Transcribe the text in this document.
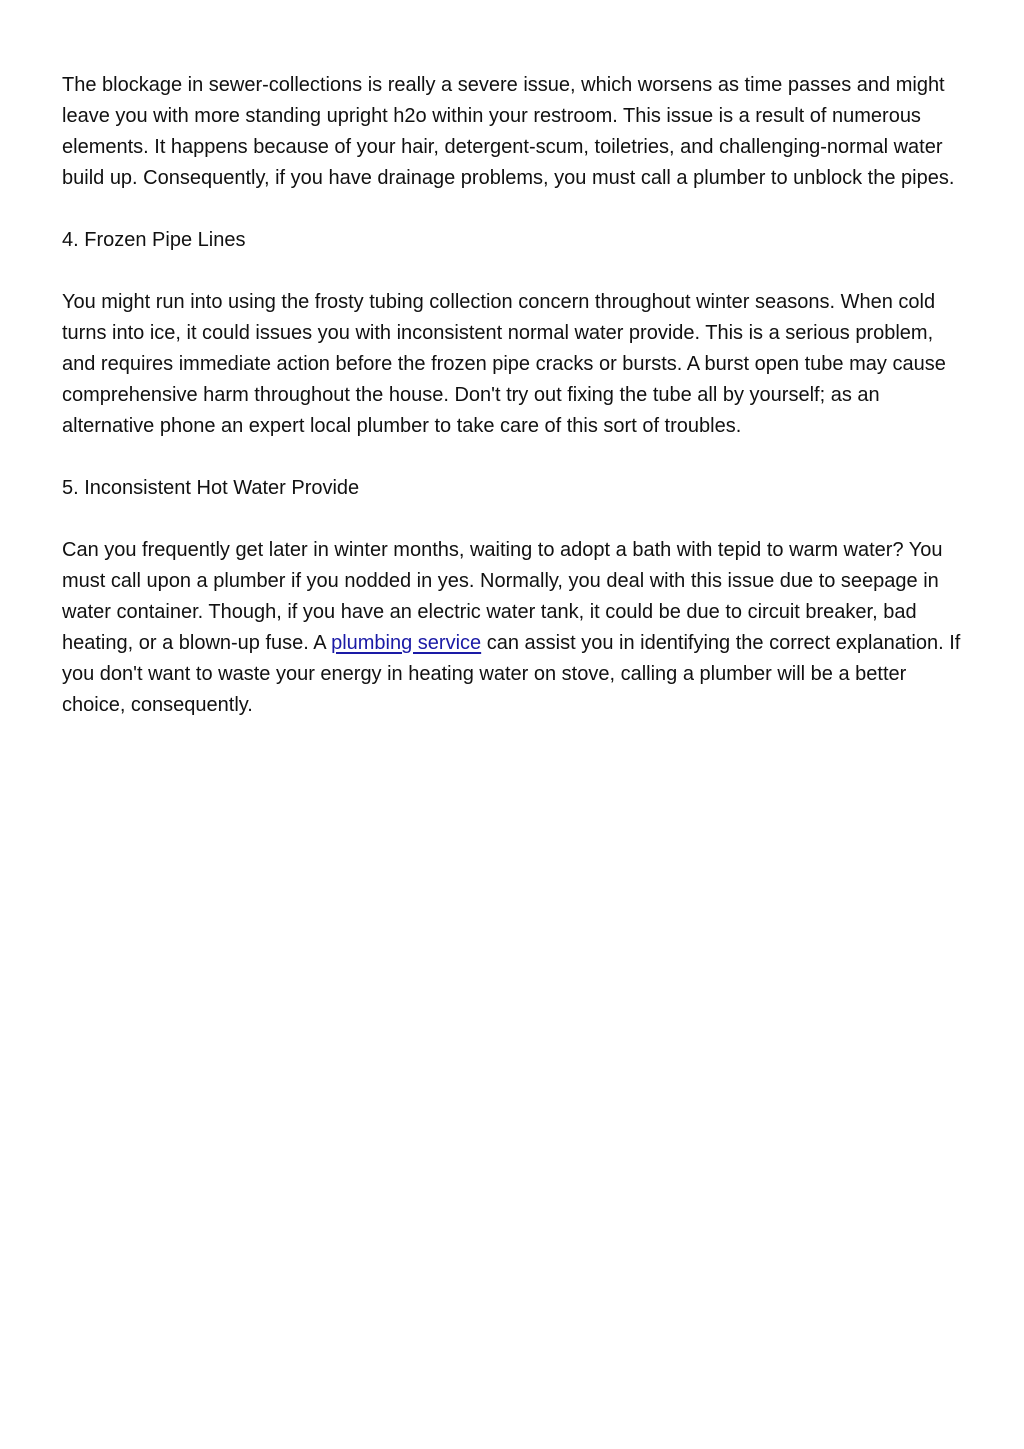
The blockage in sewer-collections is really a severe issue, which worsens as time passes and might leave you with more standing upright h2o within your restroom. This issue is a result of numerous elements. It happens because of your hair, detergent-scum, toiletries, and challenging-normal water build up. Consequently, if you have drainage problems, you must call a plumber to unblock the pipes.

4. Frozen Pipe Lines

You might run into using the frosty tubing collection concern throughout winter seasons. When cold turns into ice, it could issues you with inconsistent normal water provide. This is a serious problem, and requires immediate action before the frozen pipe cracks or bursts. A burst open tube may cause comprehensive harm throughout the house. Don't try out fixing the tube all by yourself; as an alternative phone an expert local plumber to take care of this sort of troubles.

5. Inconsistent Hot Water Provide

Can you frequently get later in winter months, waiting to adopt a bath with tepid to warm water? You must call upon a plumber if you nodded in yes. Normally, you deal with this issue due to seepage in water container. Though, if you have an electric water tank, it could be due to circuit breaker, bad heating, or a blown-up fuse. A plumbing service can assist you in identifying the correct explanation. If you don't want to waste your energy in heating water on stove, calling a plumber will be a better choice, consequently.
